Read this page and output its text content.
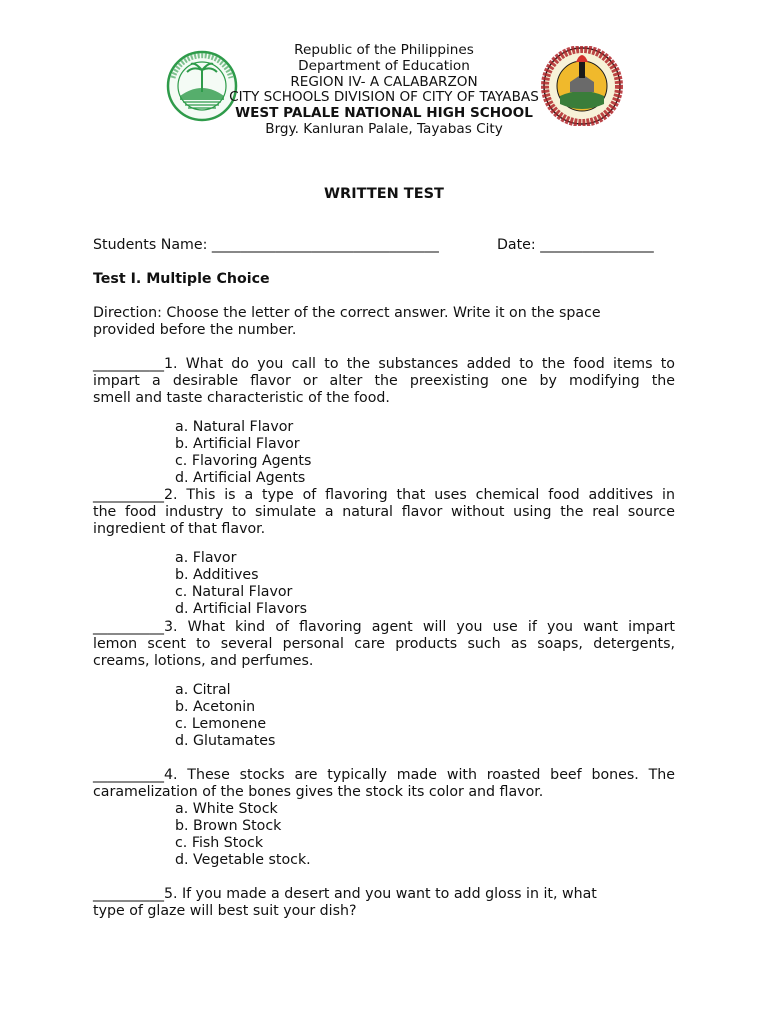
Republic of the Philippines
Department of Education
REGION IV- A CALABARZON
CITY SCHOOLS DIVISION OF CITY OF TAYABAS
WEST PALALE NATIONAL HIGH SCHOOL
Brgy. Kanluran Palale, Tayabas City
WRITTEN TEST
Students Name: ________________________________	Date: ________________
Test I. Multiple Choice
Direction: Choose the letter of the correct answer. Write it on the space
provided before the number.
__________1. What do you call to the substances added to the food items to
impart a desirable flavor or alter the preexisting one by modifying the
smell and taste characteristic of the food.
a. Natural Flavor
b. Artificial Flavor
c. Flavoring Agents
d. Artificial Agents
__________2. This is a type of flavoring that uses chemical food additives in
the food industry to simulate a natural flavor without using the real source
ingredient of that flavor.
a. Flavor
b. Additives
c. Natural Flavor
d. Artificial Flavors
__________3. What kind of flavoring agent will you use if you want impart
lemon scent to several personal care products such as soaps, detergents,
creams, lotions, and perfumes.
a. Citral
b. Acetonin
c. Lemonene
d. Glutamates
__________4. These stocks are typically made with roasted beef bones. The
caramelization of the bones gives the stock its color and flavor.
a. White Stock
b. Brown Stock
c. Fish Stock
d. Vegetable stock.
__________5. If you made a desert and you want to add gloss in it, what
type of glaze will best suit your dish?
